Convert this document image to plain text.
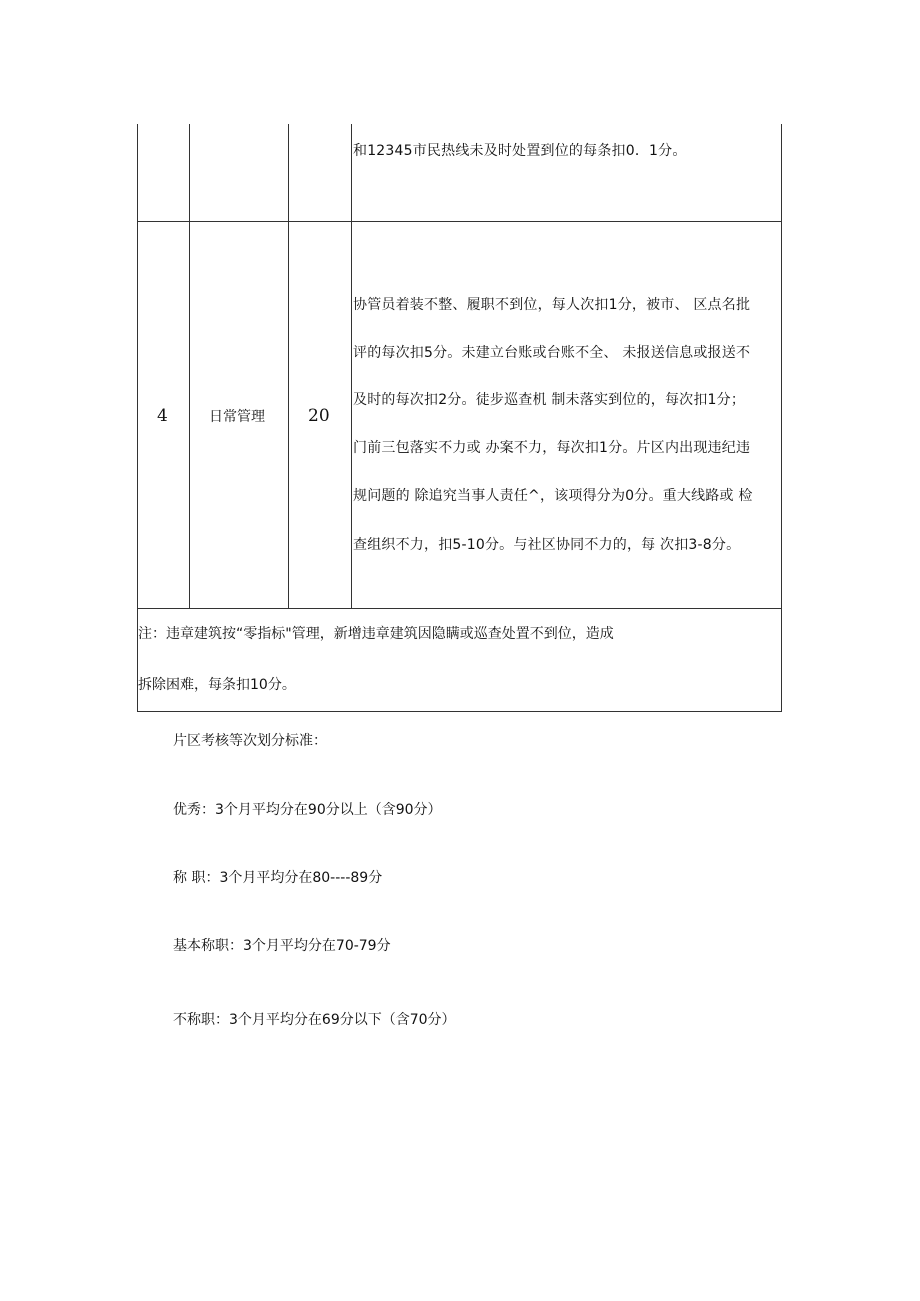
和12345市民热线未及时处置到位的每条扣0．1分。
4	日常管理	20
协管员着装不整、履职不到位，每人次扣1分，被市、 区点名批
评的每次扣5分。未建立台账或台账不全、 未报送信息或报送不
及时的每次扣2分。徒步巡查机 制未落实到位的，每次扣1分；
门前三包落实不力或 办案不力，每次扣1分。片区内出现违纪违
规问题的 除追究当事人责任^，该项得分为0分。重大线路或 检
查组织不力，扣5-10分。与社区协同不力的，每 次扣3-8分。
注：违章建筑按“零指标"管理，新增违章建筑因隐瞒或巡查处置不到位，造成
拆除困难，每条扣10分。
片区考核等次划分标准：
优秀：3个月平均分在90分以上（含90分）
称 职：3个月平均分在80----89分
基本称职：3个月平均分在70-79分
不称职：3个月平均分在69分以下（含70分）
